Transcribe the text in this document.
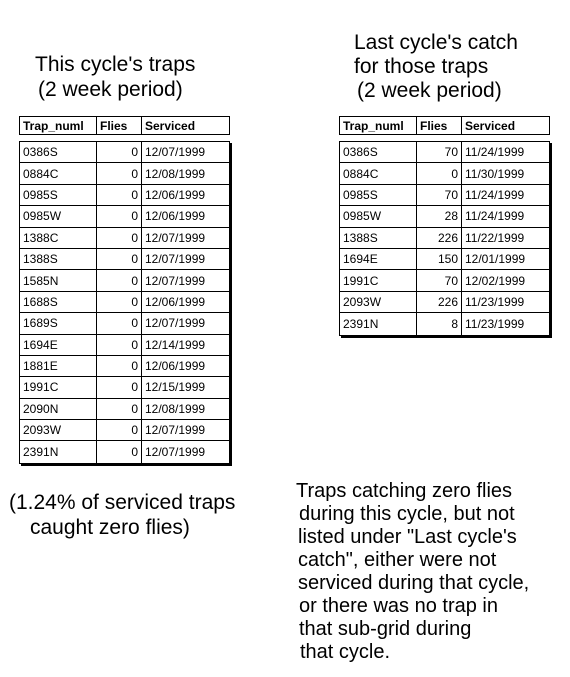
This cycle's traps
(2 week period)
Last cycle's catch
for those traps
(2 week period)
Trap_numl	Flies	Serviced
0386S	0 12/07/1999
0884C	0 12/08/1999
0985S	0 12/06/1999
0985W	0 12/06/1999
1388C	0 12/07/1999
1388S	0 12/07/1999
1585N	0 12/07/1999
1688S	0 12/06/1999
1689S	0 12/07/1999
1694E	0 12/14/1999
1881E	0 12/06/1999
1991C	0 12/15/1999
2090N	0 12/08/1999
2093W	0 12/07/1999
2391N	0 12/07/1999
Trap_numl	Flies	Serviced
0386S	70 11/24/1999
0884C	0 11/30/1999
0985S	70 11/24/1999
0985W	28 11/24/1999
1388S	226 11/22/1999
1694E	150 12/01/1999
1991C	70 12/02/1999
2093W	226 11/23/1999
2391N	8 11/23/1999
(1.24% of serviced traps
caught zero flies)
Traps catching zero flies
during this cycle, but not
listed under "Last cycle's
catch", either were not
serviced during that cycle,
or there was no trap in
that sub-grid during
that cycle.
